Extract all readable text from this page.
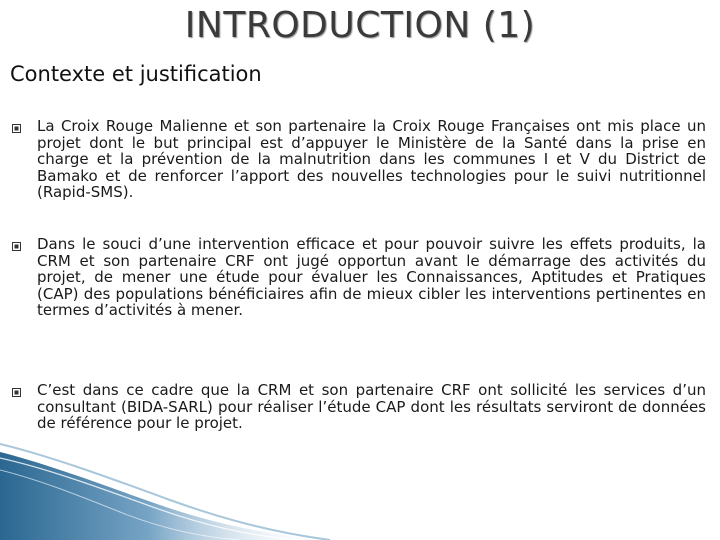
INTRODUCTION (1)
Contexte et justification

La Croix Rouge Malienne et son partenaire la Croix Rouge Françaises ont mis place un projet dont le but principal est d’appuyer le Ministère de la Santé dans la prise en charge et la prévention de la malnutrition dans les communes I et V du District de Bamako et de renforcer l’apport des nouvelles technologies pour le suivi nutritionnel (Rapid-SMS).

Dans le souci d’une intervention efficace et pour pouvoir suivre les effets produits, la CRM et son partenaire CRF ont jugé opportun avant le démarrage des activités du projet, de mener une étude pour évaluer les Connaissances, Aptitudes et Pratiques (CAP) des populations bénéficiaires afin de mieux cibler les interventions pertinentes en termes d’activités à mener.

C’est dans ce cadre que la CRM et son partenaire CRF ont sollicité les services d’un consultant (BIDA-SARL) pour réaliser l’étude CAP dont les résultats serviront de données de référence pour le projet.
